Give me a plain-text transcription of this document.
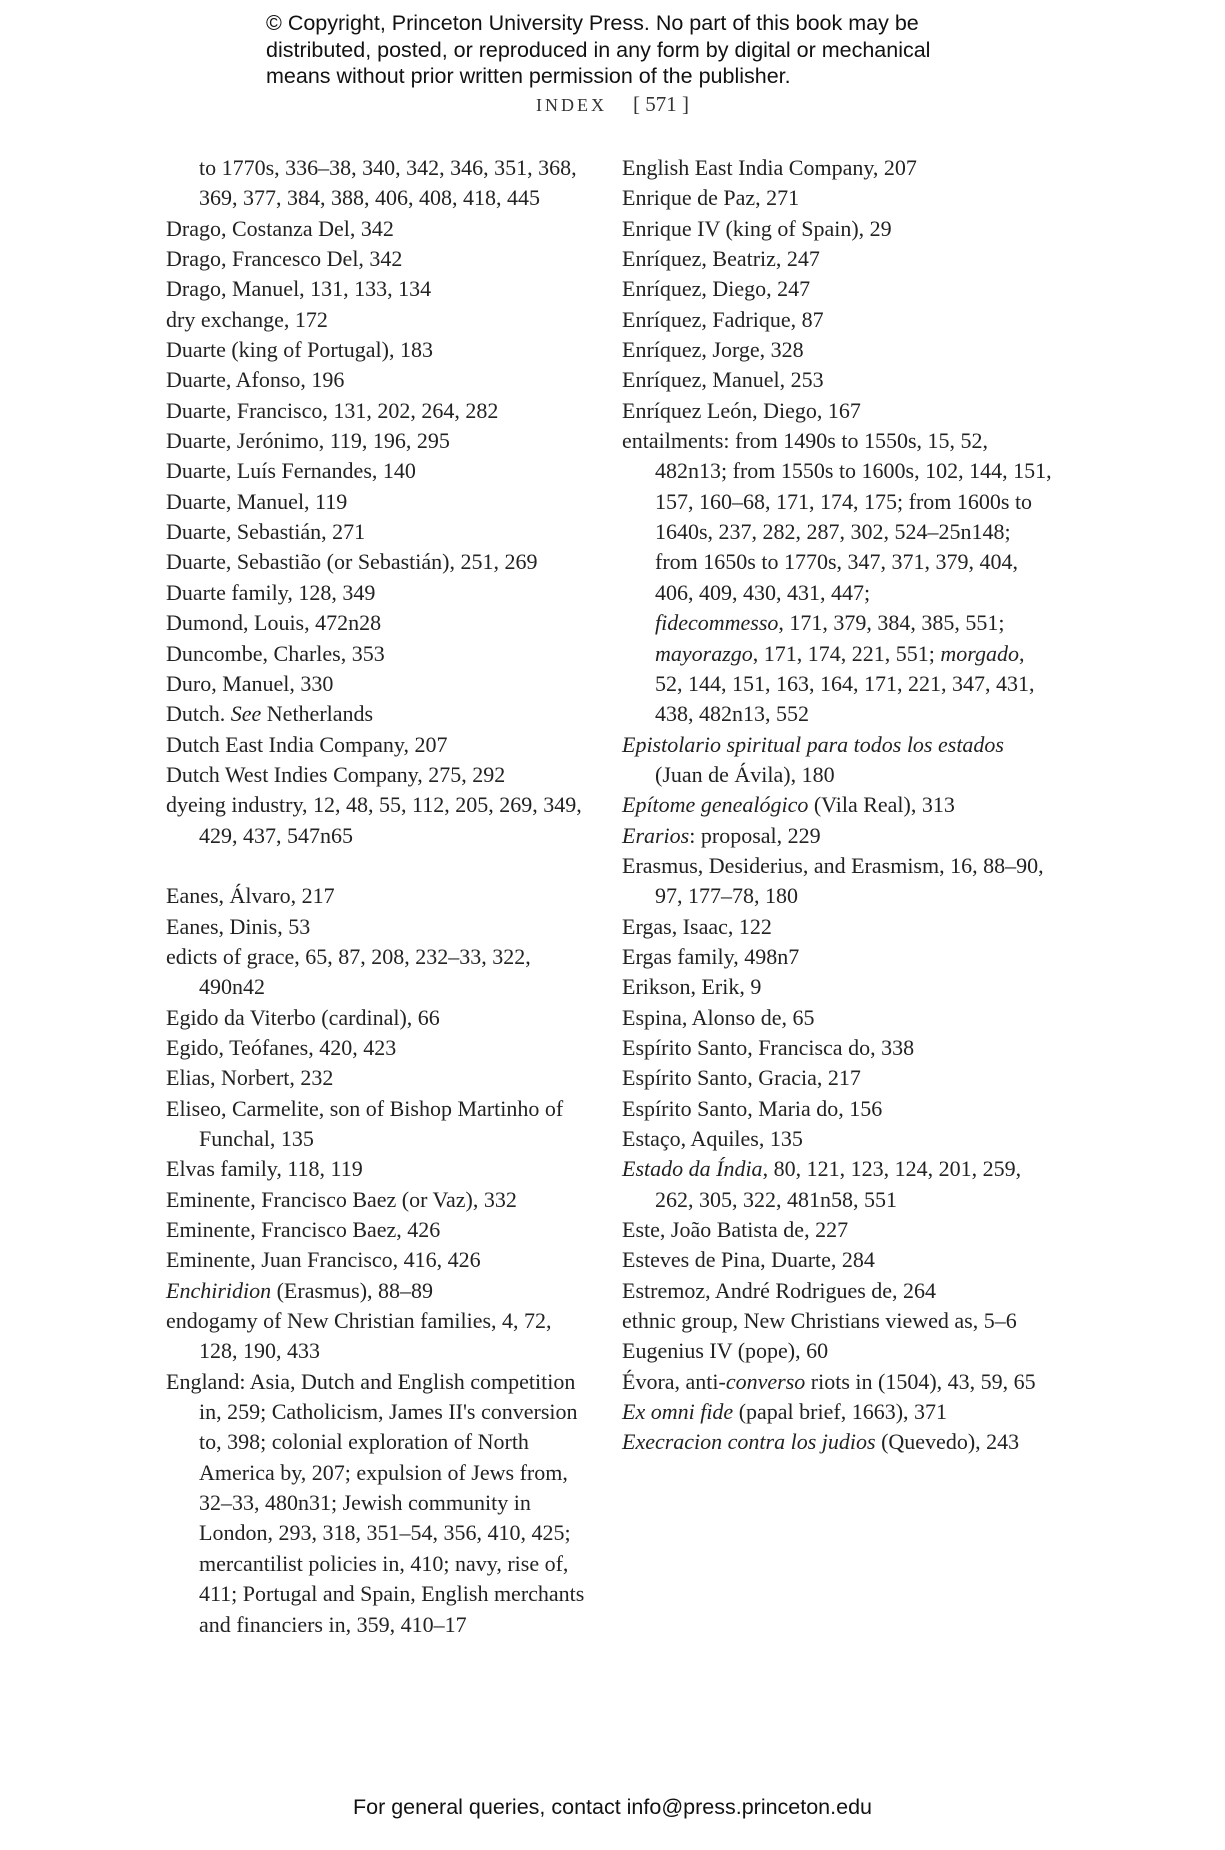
© Copyright, Princeton University Press. No part of this book may be
distributed, posted, or reproduced in any form by digital or mechanical
means without prior written permission of the publisher.
INDEX [ 571 ]

to 1770s, 336–38, 340, 342, 346, 351, 368, 369, 377, 384, 388, 406, 408, 418, 445

Drago, Costanza Del, 342

Drago, Francesco Del, 342

Drago, Manuel, 131, 133, 134

dry exchange, 172

Duarte (king of Portugal), 183

Duarte, Afonso, 196

Duarte, Francisco, 131, 202, 264, 282

Duarte, Jerónimo, 119, 196, 295

Duarte, Luís Fernandes, 140

Duarte, Manuel, 119

Duarte, Sebastián, 271

Duarte, Sebastião (or Sebastián), 251, 269

Duarte family, 128, 349

Dumond, Louis, 472n28

Duncombe, Charles, 353

Duro, Manuel, 330

Dutch. See Netherlands

Dutch East India Company, 207

Dutch West Indies Company, 275, 292

dyeing industry, 12, 48, 55, 112, 205, 269, 349, 429, 437, 547n65

Eanes, Álvaro, 217

Eanes, Dinis, 53

edicts of grace, 65, 87, 208, 232–33, 322, 490n42

Egido da Viterbo (cardinal), 66

Egido, Teófanes, 420, 423

Elias, Norbert, 232

Eliseo, Carmelite, son of Bishop Martinho of Funchal, 135

Elvas family, 118, 119

Eminente, Francisco Baez (or Vaz), 332

Eminente, Francisco Baez, 426

Eminente, Juan Francisco, 416, 426

Enchiridion (Erasmus), 88–89

endogamy of New Christian families, 4, 72, 128, 190, 433

England: Asia, Dutch and English competition in, 259; Catholicism, James II's conversion to, 398; colonial exploration of North America by, 207; expulsion of Jews from, 32–33, 480n31; Jewish community in London, 293, 318, 351–54, 356, 410, 425; mercantilist policies in, 410; navy, rise of, 411; Portugal and Spain, English merchants and financiers in, 359, 410–17

English East India Company, 207

Enrique de Paz, 271

Enrique IV (king of Spain), 29

Enríquez, Beatriz, 247

Enríquez, Diego, 247

Enríquez, Fadrique, 87

Enríquez, Jorge, 328

Enríquez, Manuel, 253

Enríquez León, Diego, 167

entailments: from 1490s to 1550s, 15, 52, 482n13; from 1550s to 1600s, 102, 144, 151, 157, 160–68, 171, 174, 175; from 1600s to 1640s, 237, 282, 287, 302, 524–25n148; from 1650s to 1770s, 347, 371, 379, 404, 406, 409, 430, 431, 447;

fidecommesso, 171, 379, 384, 385, 551;

mayorazgo, 171, 174, 221, 551; morgado, 52, 144, 151, 163, 164, 171, 221, 347, 431, 438, 482n13, 552

Epistolario spiritual para todos los estados (Juan de Ávila), 180

Epítome genealógico (Vila Real), 313

Erarios: proposal, 229

Erasmus, Desiderius, and Erasmism, 16, 88–90, 97, 177–78, 180

Ergas, Isaac, 122

Ergas family, 498n7

Erikson, Erik, 9

Espina, Alonso de, 65

Espírito Santo, Francisca do, 338

Espírito Santo, Gracia, 217

Espírito Santo, Maria do, 156

Estaço, Aquiles, 135

Estado da Índia, 80, 121, 123, 124, 201, 259, 262, 305, 322, 481n58, 551

Este, João Batista de, 227

Esteves de Pina, Duarte, 284

Estremoz, André Rodrigues de, 264

ethnic group, New Christians viewed as, 5–6

Eugenius IV (pope), 60

Évora, anti-converso riots in (1504), 43, 59, 65

Ex omni fide (papal brief, 1663), 371

Execracion contra los judios (Quevedo), 243

For general queries, contact info@press.princeton.edu
